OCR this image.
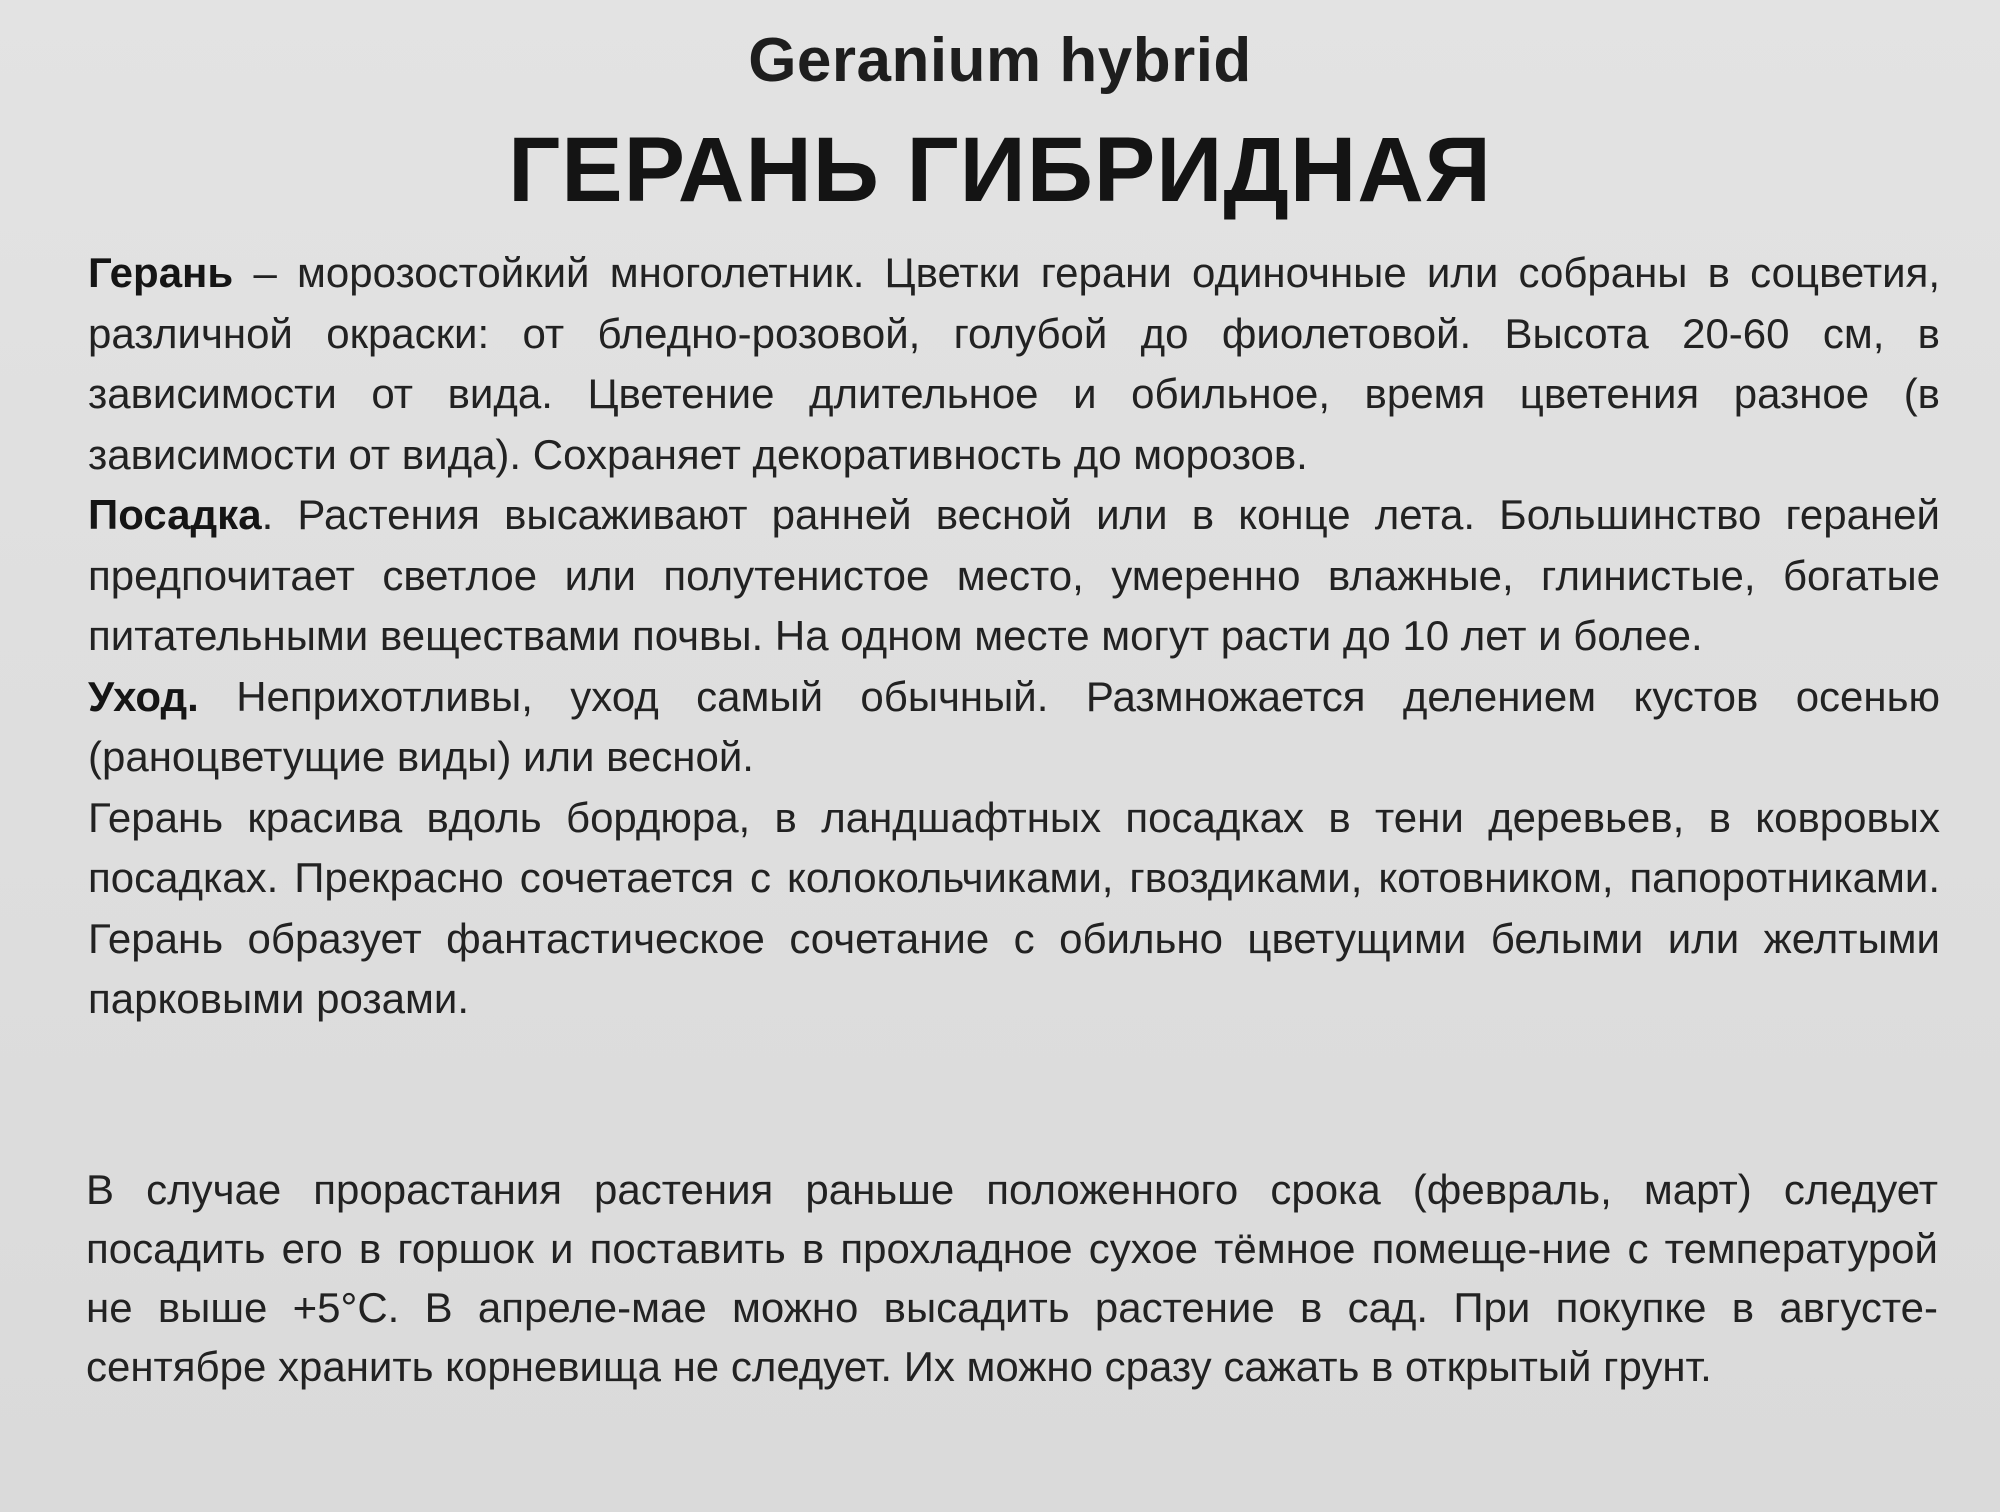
Geranium hybrid
ГЕРАНЬ ГИБРИДНАЯ

Герань – морозостойкий многолетник. Цветки герани одиночные или собраны в соцветия, различной окраски: от бледно-розовой, голубой до фиолетовой. Высота 20-60 см, в зависимости от вида. Цветение длительное и обильное, время цветения разное (в зависимости от вида). Сохраняет декоративность до морозов.

Посадка. Растения высаживают ранней весной или в конце лета. Большинство гераней предпочитает светлое или полутенистое место, умеренно влажные, глинистые, богатые питательными веществами почвы. На одном месте могут расти до 10 лет и более.

Уход. Неприхотливы, уход самый обычный. Размножается делением кустов осенью (раноцветущие виды) или весной.

Герань красива вдоль бордюра, в ландшафтных посадках в тени деревьев, в ковровых посадках. Прекрасно сочетается с колокольчиками, гвоздиками, котовником, папоротниками. Герань образует фантастическое сочетание с обильно цветущими белыми или желтыми парковыми розами.

В случае прорастания растения раньше положенного срока (февраль, март) следует посадить его в горшок и поставить в прохладное сухое тёмное помеще-ние с температурой не выше +5°С. В апреле-мае можно высадить растение в сад. При покупке в августе-сентябре хранить корневища не следует. Их можно сразу сажать в открытый грунт.
